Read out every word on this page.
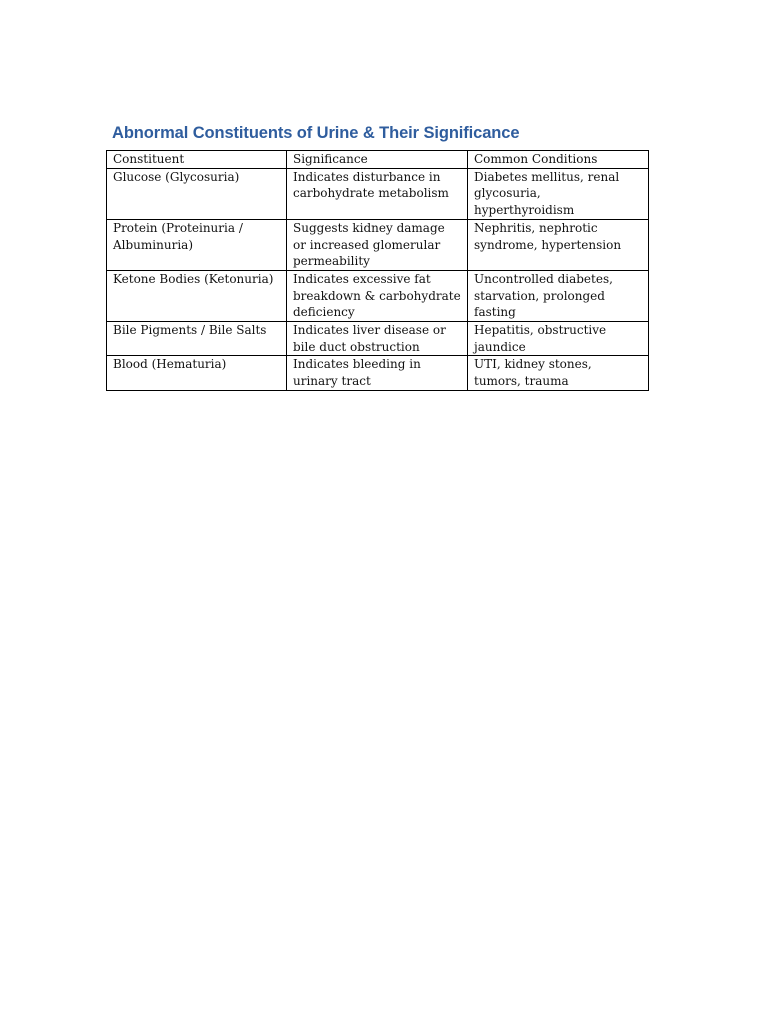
Abnormal Constituents of Urine & Their Significance
Constituent	Significance	Common Conditions
Glucose (Glycosuria)	Indicates disturbance in carbohydrate metabolism	Diabetes mellitus, renal glycosuria, hyperthyroidism
Protein (Proteinuria / Albuminuria)	Suggests kidney damage or increased glomerular permeability	Nephritis, nephrotic syndrome, hypertension
Ketone Bodies (Ketonuria)	Indicates excessive fat breakdown & carbohydrate deficiency	Uncontrolled diabetes, starvation, prolonged fasting
Bile Pigments / Bile Salts	Indicates liver disease or bile duct obstruction	Hepatitis, obstructive jaundice
Blood (Hematuria)	Indicates bleeding in urinary tract	UTI, kidney stones, tumors, trauma
